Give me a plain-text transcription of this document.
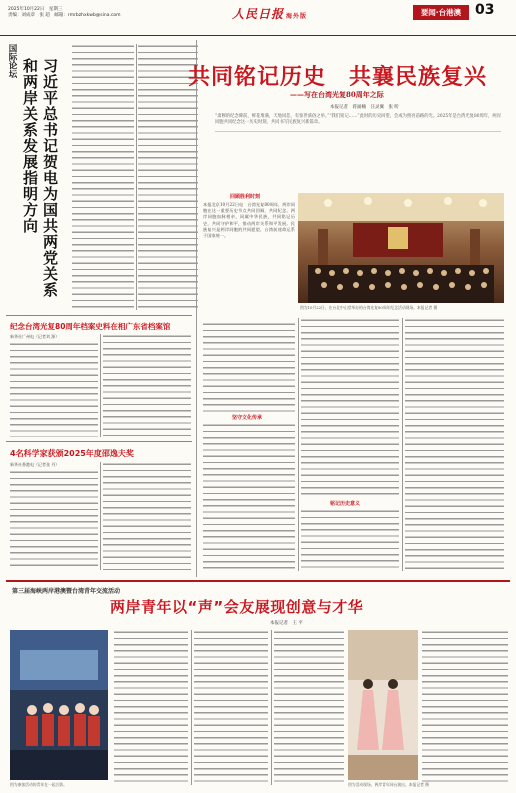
2025年10月22日　星期三
责编：刘成章　张 超　邮箱：rmrbzhxkwb@sina.com	人民日报 海外版	要闻·台港澳 03
国际论坛 和两岸关系发展指明方向 习近平总书记贺电为国共两党关系
纪念台湾光复80周年档案史料在相广东省档案馆
新华社广州电（记者刘 源）
4名科学家获颁2025年度邵逸夫奖
新华社香港电（记者张 丹）
共同铭记历史　共襄民族复兴
——写在台湾光复80周年之际
本报记者　蒋涌楠　汪灵翼　张 昕
“肃穆的纪念碑前，鲜花堆满，天地同悲，有惊世骇俗之举。”“我们铭记……”此时的历史回望，会成为照亮前路的光。2025年是台湾光复80周年，两岸同胞共同纪念这一历史时刻，共同书写民族复兴新篇章。
回顾胜利时刻
本报北京10月22日电　台湾光复80周年，两岸同胞在这一重要历史节点共同回顾、共同纪念。两岸同胞血脉相亲，同属中华民族，共同铭记历史，共同守护和平，推动两岸关系和平发展。民族复兴是两岸同胞的共同愿望，台湾前途命运系于国家统一。
图为10月22日，在台北中山堂举办的台湾光复80周年纪念活动现场。本报记者 摄
坚守文化传承
铭记历史意义
第三届海峡两岸港澳暨台湾青年交流活动
两岸青年以“声”会友展现创意与才华
本报记者　王 平
图为参加活动的青年在一起合影。	图为活动现场，两岸青年同台演出。本报记者 摄
